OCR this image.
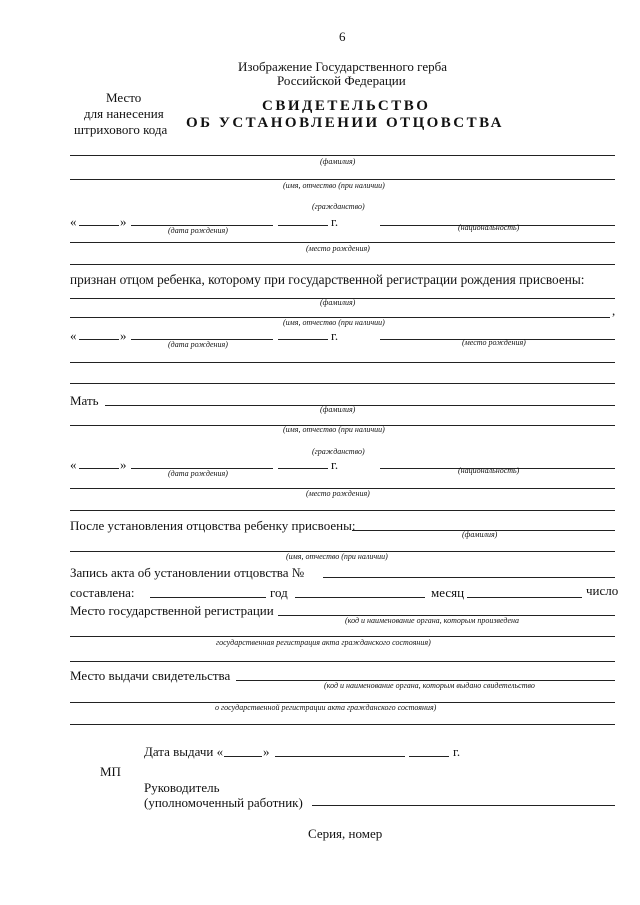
6
Изображение Государственного герба
Российской Федерации
Место
для нанесения
штрихового кода
СВИДЕТЕЛЬСТВО
ОБ УСТАНОВЛЕНИИ ОТЦОВСТВА
(фамилия)
(имя, отчество (при наличии)
(гражданство)
«	»	г.
(дата рождения)	(национальность)
(место рождения)
признан отцом ребенка, которому при государственной регистрации рождения присвоены:
(фамилия)
,
(имя, отчество (при наличии)
«	»	г.
(дата рождения)	(место рождения)
Мать
(фамилия)
(имя, отчество (при наличии)
(гражданство)
«	»	г.
(дата рождения)	(национальность)
(место рождения)
После установления отцовства ребенку присвоены:
(фамилия)
(имя, отчество (при наличии)
Запись акта об установлении отцовства №
составлена:	год	месяц	число
Место государственной регистрации
(код и наименование органа, которым произведена
государственная регистрация акта гражданского состояния)
Место выдачи свидетельства
(код и наименование органа, которым выдано свидетельство
о государственной регистрации акта гражданского состояния)
Дата выдачи «	»	г.
МП
Руководитель
(уполномоченный работник)
Серия, номер
